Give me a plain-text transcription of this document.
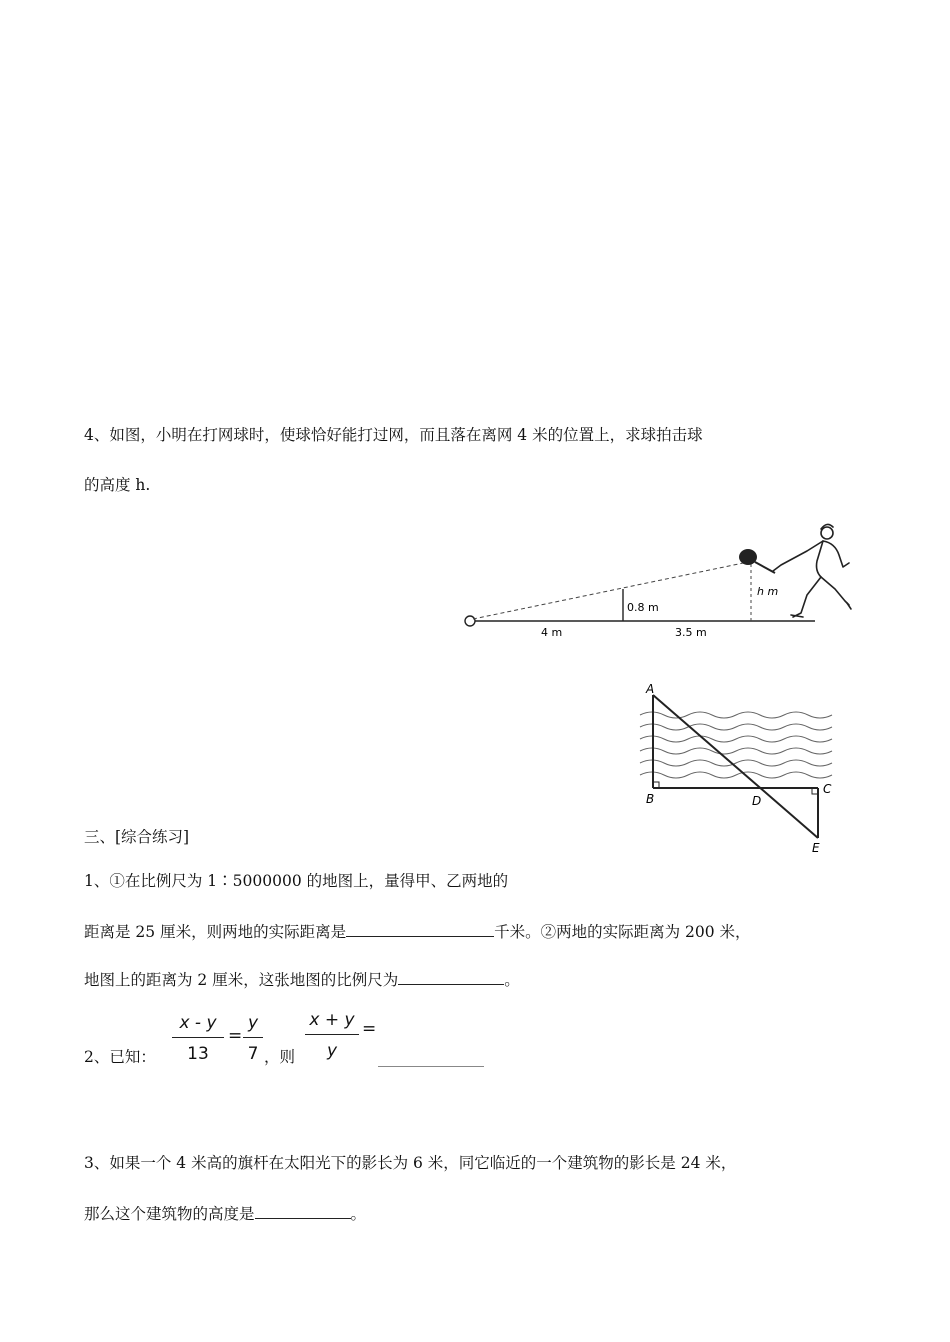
4、如图，小明在打网球时，使球恰好能打过网，而且落在离网 4 米的位置上，求球拍击球
的高度 h.
0.8 m
h m
4 m	3.5 m
A
B
C
D
E
三、[综合练习]
1、①在比例尺为 1∶5000000 的地图上，量得甲、乙两地的
距离是 25 厘米，则两地的实际距离是	千米。②两地的实际距离为 200 米，
地图上的距离为 2 厘米，这张地图的比例尺为	。
2、已知： $\frac{x - y}{13} = \frac{y}{7}$ ，则 $\frac{x + y}{y}$ =
3、如果一个 4 米高的旗杆在太阳光下的影长为 6 米，同它临近的一个建筑物的影长是 24 米，
那么这个建筑物的高度是	。
